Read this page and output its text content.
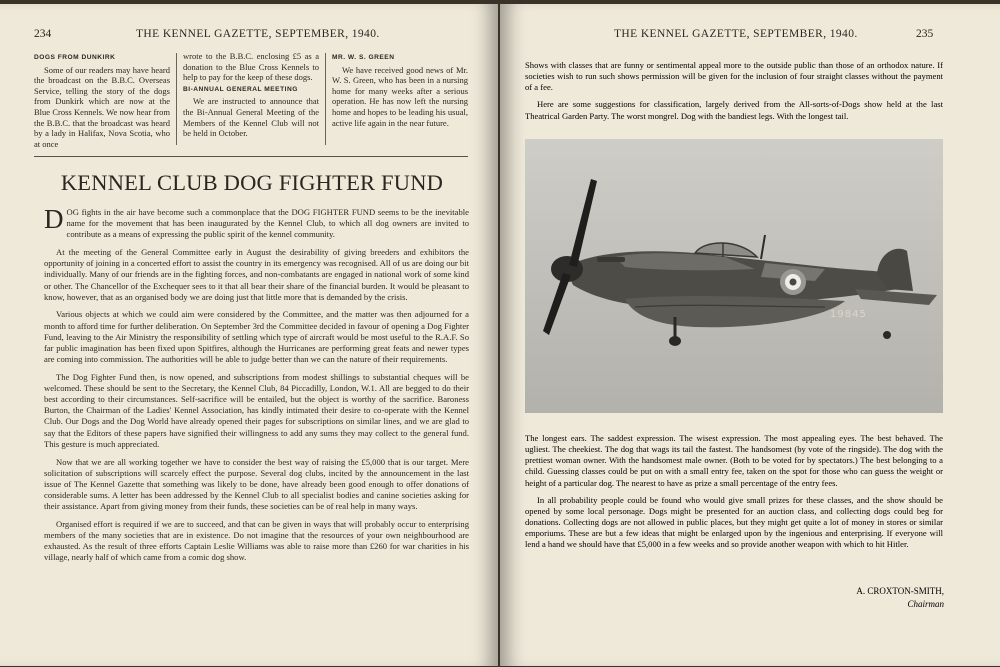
234	THE KENNEL GAZETTE, SEPTEMBER, 1940.
DOGS FROM DUNKIRK
Some of our readers may have heard the broadcast on the B.B.C. Overseas Service, telling the story of the dogs from Dunkirk which are now at the Blue Cross Kennels. We now hear from the B.B.C. that the broadcast was heard by a lady in Halifax, Nova Scotia, who at once
wrote to the B.B.C. enclosing £5 as a donation to the Blue Cross Kennels to help to pay for the keep of these dogs.
BI-ANNUAL GENERAL MEETING
We are instructed to announce that the Bi-Annual General Meeting of the Members of the Kennel Club will not be held in October.
MR. W. S. GREEN
We have received good news of Mr. W. S. Green, who has been in a nursing home for many weeks after a serious operation. He has now left the nursing home and hopes to be leading his usual, active life again in the near future.
KENNEL CLUB DOG FIGHTER FUND

DOG fights in the air have become such a commonplace that the DOG FIGHTER FUND seems to be the inevitable name for the movement that has been inaugurated by the Kennel Club, to which all dog owners are invited to contribute as a means of expressing the public spirit of the kennel community.

At the meeting of the General Committee early in August the desirability of giving breeders and exhibitors the opportunity of joining in a concerted effort to assist the country in its emergency was recognised. All of us are doing our bit individually. Many of our friends are in the fighting forces, and non-combatants are engaged in national work of some kind or other. The Chancellor of the Exchequer sees to it that all bear their share of the financial burden. It would be pleasant to know, however, that as an organised body we are doing just that little more that is demanded by the crisis.

Various objects at which we could aim were considered by the Committee, and the matter was then adjourned for a month to afford time for further deliberation. On September 3rd the Committee decided in favour of opening a Dog Fighter Fund, leaving to the Air Ministry the responsibility of settling which type of aircraft would be most useful to the R.A.F. So far public imagination has been fixed upon Spitfires, although the Hurricanes are performing great feats and newer types are coming into commission. The authorities will be able to judge better than we can the nature of their requirements.

The Dog Fighter Fund then, is now opened, and subscriptions from modest shillings to substantial cheques will be welcomed. These should be sent to the Secretary, the Kennel Club, 84 Piccadilly, London, W.1. All are begged to do their best according to their circumstances. Self-sacrifice will be entailed, but the object is worthy of the sacrifice. Baroness Burton, the Chairman of the Ladies' Kennel Association, has kindly intimated their desire to co-operate with the Kennel Club. Our Dogs and the Dog World have already opened their pages for subscriptions on similar lines, and we are glad to say that the Editors of these papers have signified their willingness to add any sums they may collect to the general fund. This gesture is much appreciated.

Now that we are all working together we have to consider the best way of raising the £5,000 that is our target. Mere solicitation of subscriptions will scarcely effect the purpose. Several dog clubs, incited by the announcement in the last issue of The Kennel Gazette that something was likely to be done, have already been good enough to offer donations of considerable sums. A letter has been addressed by the Kennel Club to all specialist bodies and canine societies asking for their assistance. Apart from giving money from their funds, these societies can be of real help in many ways.

Organised effort is required if we are to succeed, and that can be given in ways that will probably occur to enterprising members of the many societies that are in existence. Do not imagine that the resources of your own neighbourhood are exhausted. As the result of three efforts Captain Leslie Williams was able to raise more than £260 for war charities in his village, nearly half of which came from a comic dog show.

THE KENNEL GAZETTE, SEPTEMBER, 1940.	235

Shows with classes that are funny or sentimental appeal more to the outside public than those of an orthodox nature. If societies wish to run such shows permission will be given for the inclusion of four straight classes without the payment of a fee.

Here are some suggestions for classification, largely derived from the All-sorts-of-Dogs show held at the last Theatrical Garden Party. The worst mongrel. Dog with the bandiest legs. With the longest tail.

19845

The longest ears. The saddest expression. The wisest expression. The most appealing eyes. The best behaved. The ugliest. The cheekiest. The dog that wags its tail the fastest. The handsomest (by vote of the ringside). The dog with the prettiest woman owner. With the handsomest male owner. (Both to be voted for by spectators.) The best belonging to a child. Guessing classes could be put on with a small entry fee, taken on the spot for those who can guess the weight or height of a particular dog. The nearest to have as prize a small percentage of the entry fees.

In all probability people could be found who would give small prizes for these classes, and the show should be opened by some local personage. Dogs might be presented for an auction class, and collecting dogs could beg for donations. Collecting dogs are not allowed in public places, but they might get quite a lot of money in stores or similar emporiums. These are but a few ideas that might be enlarged upon by the ingenious and enterprising. If everyone will lend a hand we should have that £5,000 in a few weeks and so provide another weapon with which to hit Hitler.

A. CROXTON-SMITH,
Chairman
